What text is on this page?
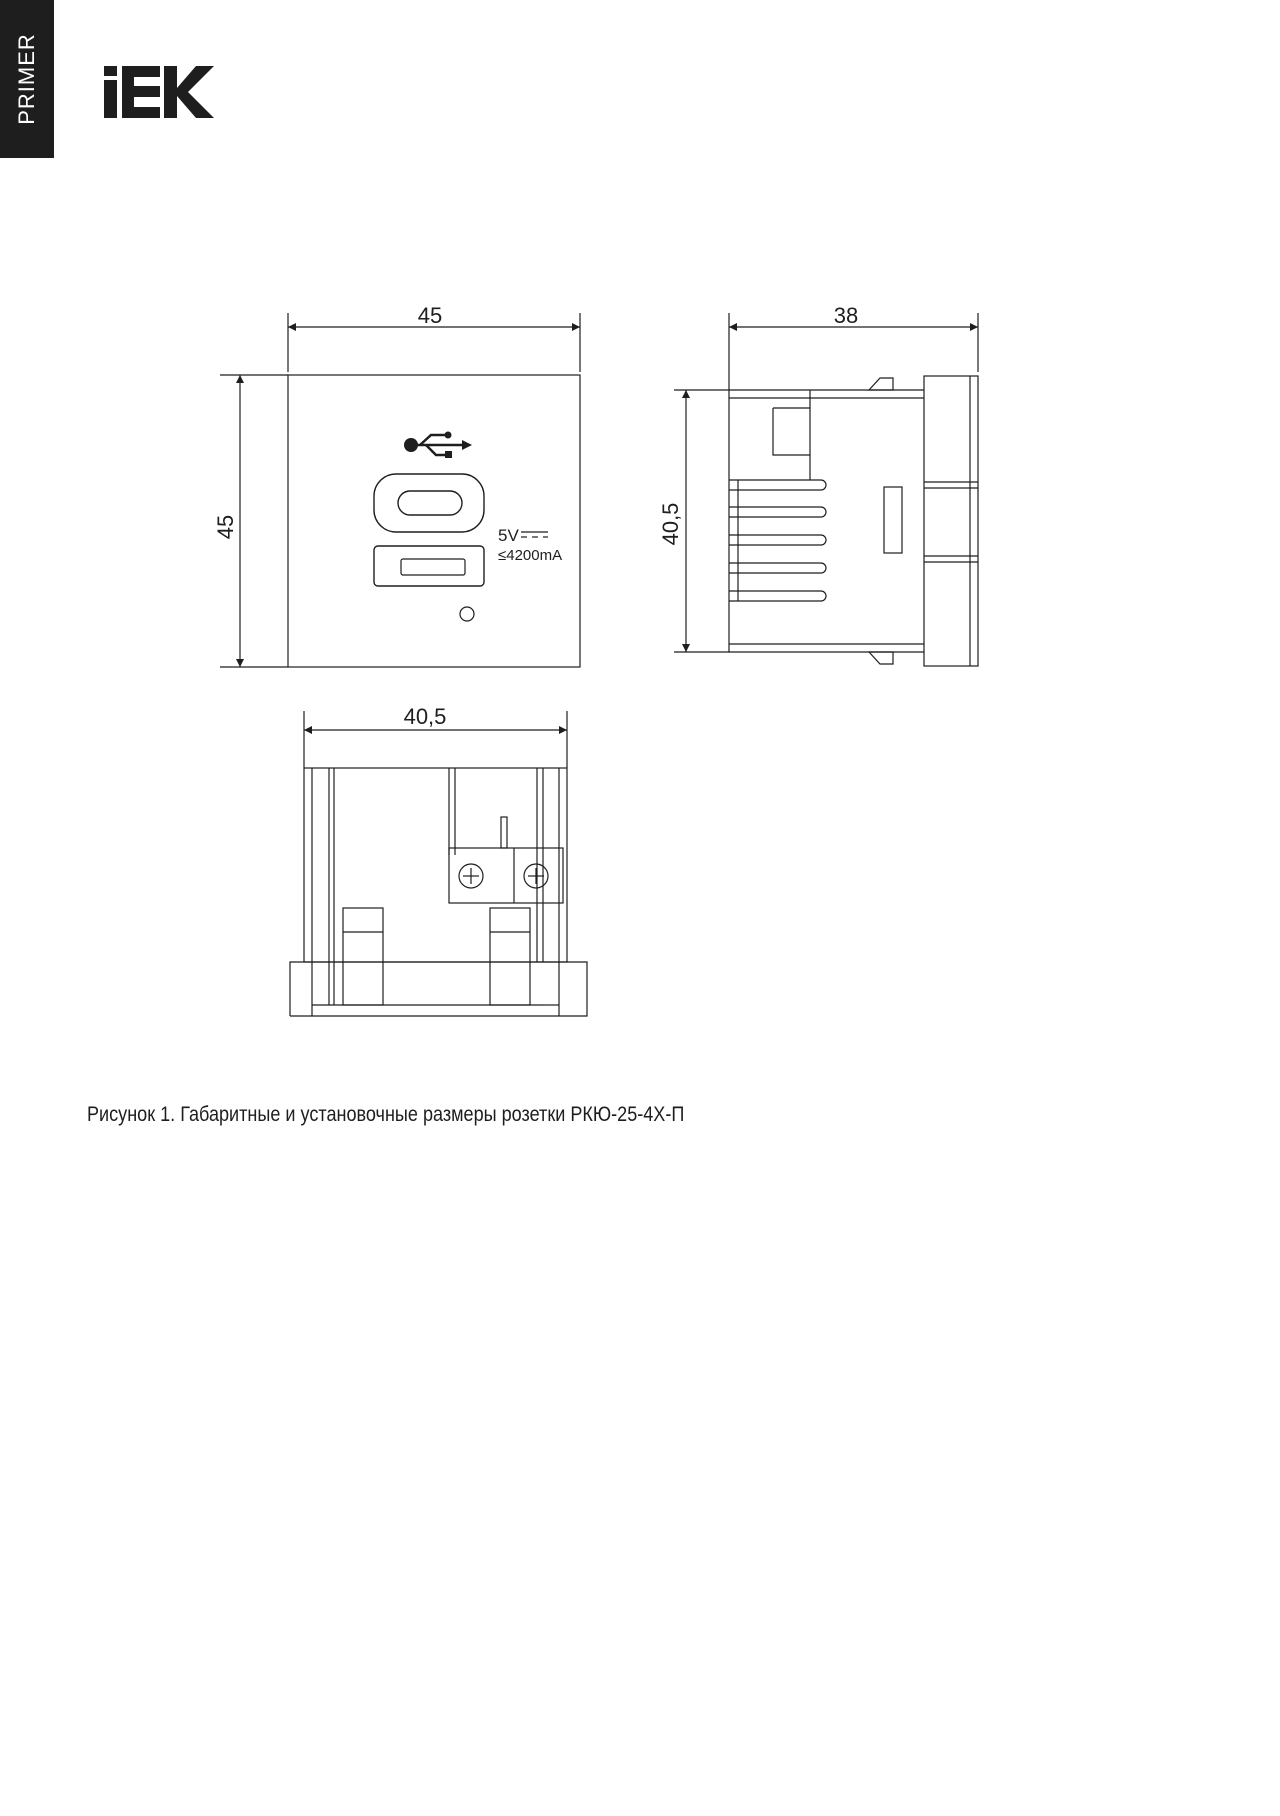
PRIMER
45
45	5V
≤4200mA
38
40,5
40,5
Рисунок 1. Габаритные и установочные размеры розетки РКЮ-25-4Х-П
